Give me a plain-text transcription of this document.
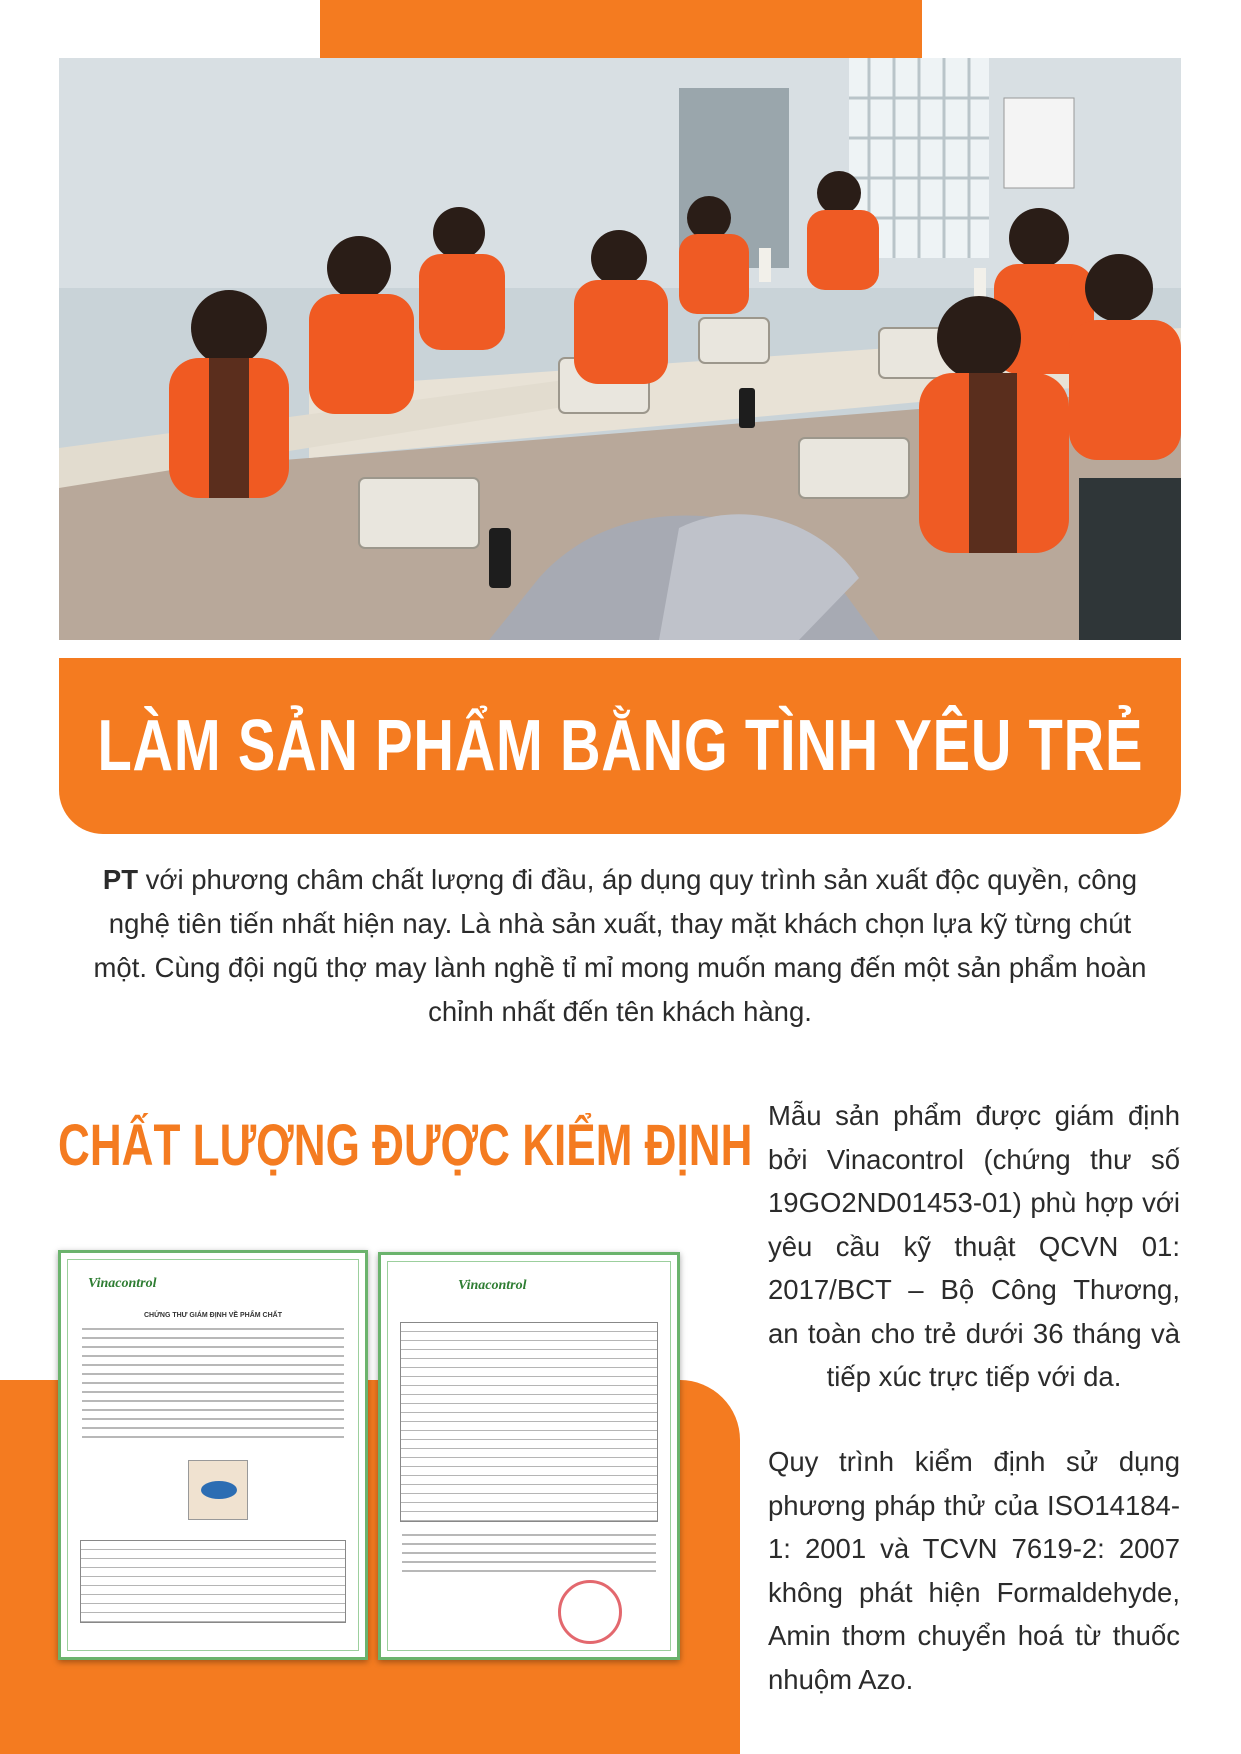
LÀM SẢN PHẨM BẰNG TÌNH YÊU TRẺ

PT với phương châm chất lượng đi đầu, áp dụng quy trình sản xuất độc quyền, công nghệ tiên tiến nhất hiện nay. Là nhà sản xuất, thay mặt khách chọn lựa kỹ từng chút một. Cùng đội ngũ thợ may lành nghề tỉ mỉ mong muốn mang đến một sản phẩm hoàn chỉnh nhất đến tên khách hàng.

CHẤT LƯỢNG ĐƯỢC KIỂM ĐỊNH
Vinacontrol
CHỨNG THƯ GIÁM ĐỊNH VỀ PHẨM CHẤT
Vinacontrol

Mẫu sản phẩm được giám định bởi Vinacontrol (chứng thư số 19GO2ND01453-01) phù hợp với yêu cầu kỹ thuật QCVN 01: 2017/BCT – Bộ Công Thương, an toàn cho trẻ dưới 36 tháng và tiếp xúc trực tiếp với da.

Quy trình kiểm định sử dụng phương pháp thử của ISO14184-1: 2001 và TCVN 7619-2: 2007 không phát hiện Formaldehyde, Amin thơm chuyển hoá từ thuốc nhuộm Azo.
